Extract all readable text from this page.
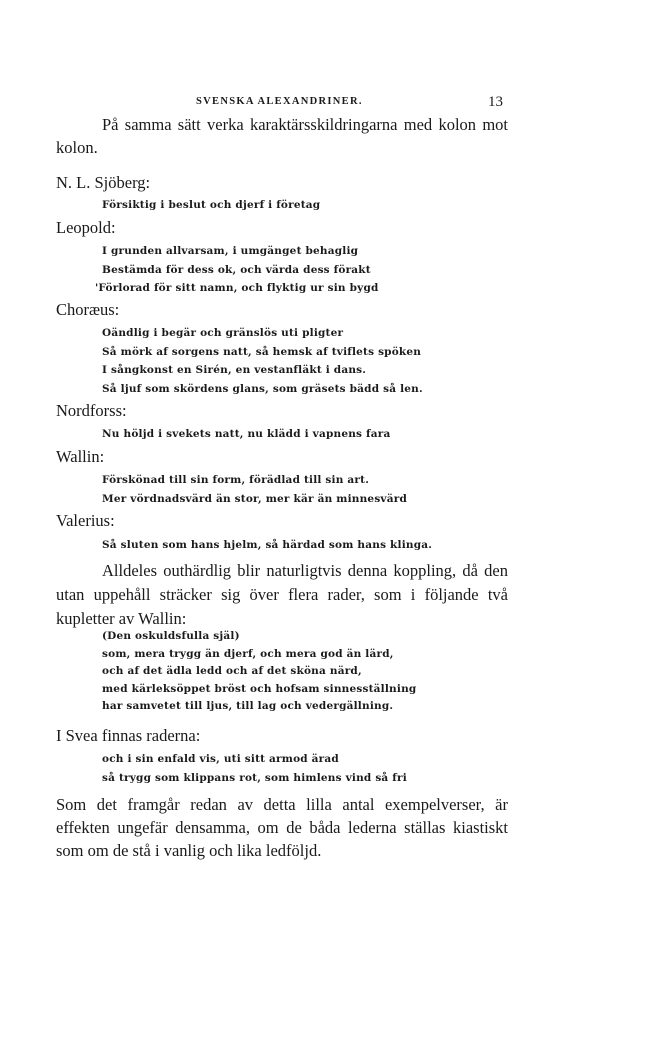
SVENSKA ALEXANDRINER.	13

På samma sätt verka karaktärsskildringarna med kolon mot kolon.

N. L. Sjöberg:
Försiktig i beslut och djerf i företag
Leopold:
I grunden allvarsam, i umgänget behaglig
Bestämda för dess ok, och värda dess förakt
'Förlorad för sitt namn, och flyktig ur sin bygd
Choræus:
Oändlig i begär och gränslös uti pligter
Så mörk af sorgens natt, så hemsk af tviflets spöken
I sångkonst en Sirén, en vestanfläkt i dans.
Så ljuf som skördens glans, som gräsets bädd så len.
Nordforss:
Nu höljd i svekets natt, nu klädd i vapnens fara
Wallin:
Förskönad till sin form, förädlad till sin art.
Mer vördnadsvärd än stor, mer kär än minnesvärd
Valerius:
Så sluten som hans hjelm, så härdad som hans klinga.

Alldeles outhärdlig blir naturligtvis denna koppling, då den utan uppehåll sträcker sig över flera rader, som i följande två kupletter av Wallin:

(Den oskuldsfulla själ)
som, mera trygg än djerf, och mera god än lärd,
och af det ädla ledd och af det sköna närd,
med kärleksöppet bröst och hofsam sinnesställning
har samvetet till ljus, till lag och vedergällning.
I Svea finnas raderna:
och i sin enfald vis, uti sitt armod ärad
så trygg som klippans rot, som himlens vind så fri

Som det framgår redan av detta lilla antal exempelverser, är effekten ungefär densamma, om de båda lederna ställas kiastiskt som om de stå i vanlig och lika ledföljd.
